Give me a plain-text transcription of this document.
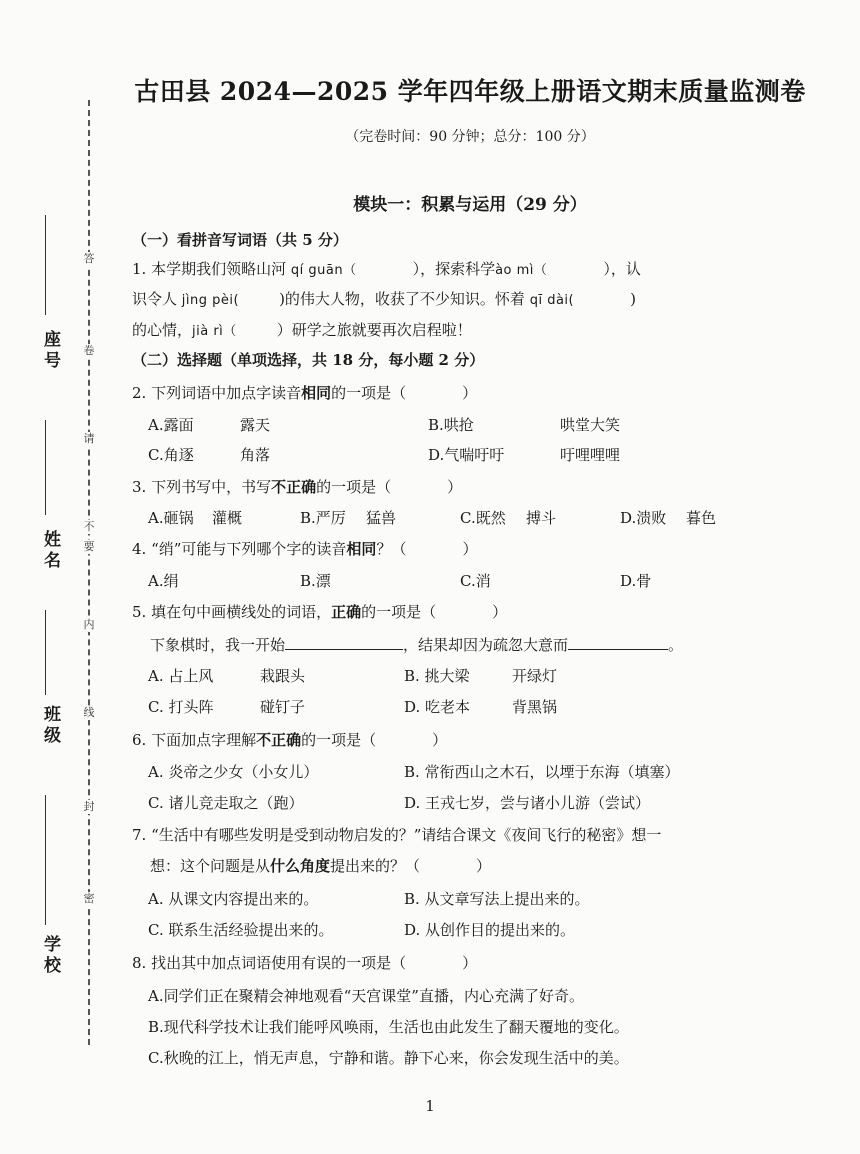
答
卷
请
不
要
内
线
封
密
座号
姓名
班级
学校
古田县 2024—2025 学年四年级上册语文期末质量监测卷
（完卷时间：90 分钟；总分：100 分）
模块一：积累与运用（29 分）
（一）看拼音写词语（共 5 分）
1. 本学期我们领略山河 qí guān（	），探索科学ào mì（	），认
识令人 jìng pèi(	)的伟大人物，收获了不少知识。怀着 qī dài(	)
的心情，jià rì（	）研学之旅就要再次启程啦！
（二）选择题（单项选择，共 18 分，每小题 2 分）
2. 下列词语中加点字读音相同的一项是（	）
A.露面	露天	B.哄抢	哄堂大笑
C.角逐	角落	D.气喘吁吁	吁哩哩哩
3. 下列书写中，书写不正确的一项是（	）
A.砸锅 灌概	B.严厉 猛兽	C.既然 搏斗	D.溃败 暮色
4. “绡”可能与下列哪个字的读音相同？（	）
A.绢	B.漂	C.消	D.骨
5. 填在句中画横线处的词语，正确的一项是（	）
下象棋时，我一开始	，结果却因为疏忽大意而	。
A. 占上风	栽跟头	B. 挑大梁	开绿灯
C. 打头阵	碰钉子	D. 吃老本	背黑锅
6. 下面加点字理解不正确的一项是（	）
A. 炎帝之少女（小女儿）	B. 常衔西山之木石，以堙于东海（填塞）
C. 诸儿竞走取之（跑）	D. 王戎七岁，尝与诸小儿游（尝试）
7. “生活中有哪些发明是受到动物启发的？”请结合课文《夜间飞行的秘密》想一
想：这个问题是从什么角度提出来的？（	）
A. 从课文内容提出来的。	B. 从文章写法上提出来的。
C. 联系生活经验提出来的。	D. 从创作目的提出来的。
8. 找出其中加点词语使用有误的一项是（	）
A.同学们正在聚精会神地观看“天宫课堂”直播，内心充满了好奇。
B.现代科学技术让我们能呼风唤雨，生活也由此发生了翻天覆地的变化。
C.秋晚的江上，悄无声息，宁静和谐。静下心来，你会发现生活中的美。
1
